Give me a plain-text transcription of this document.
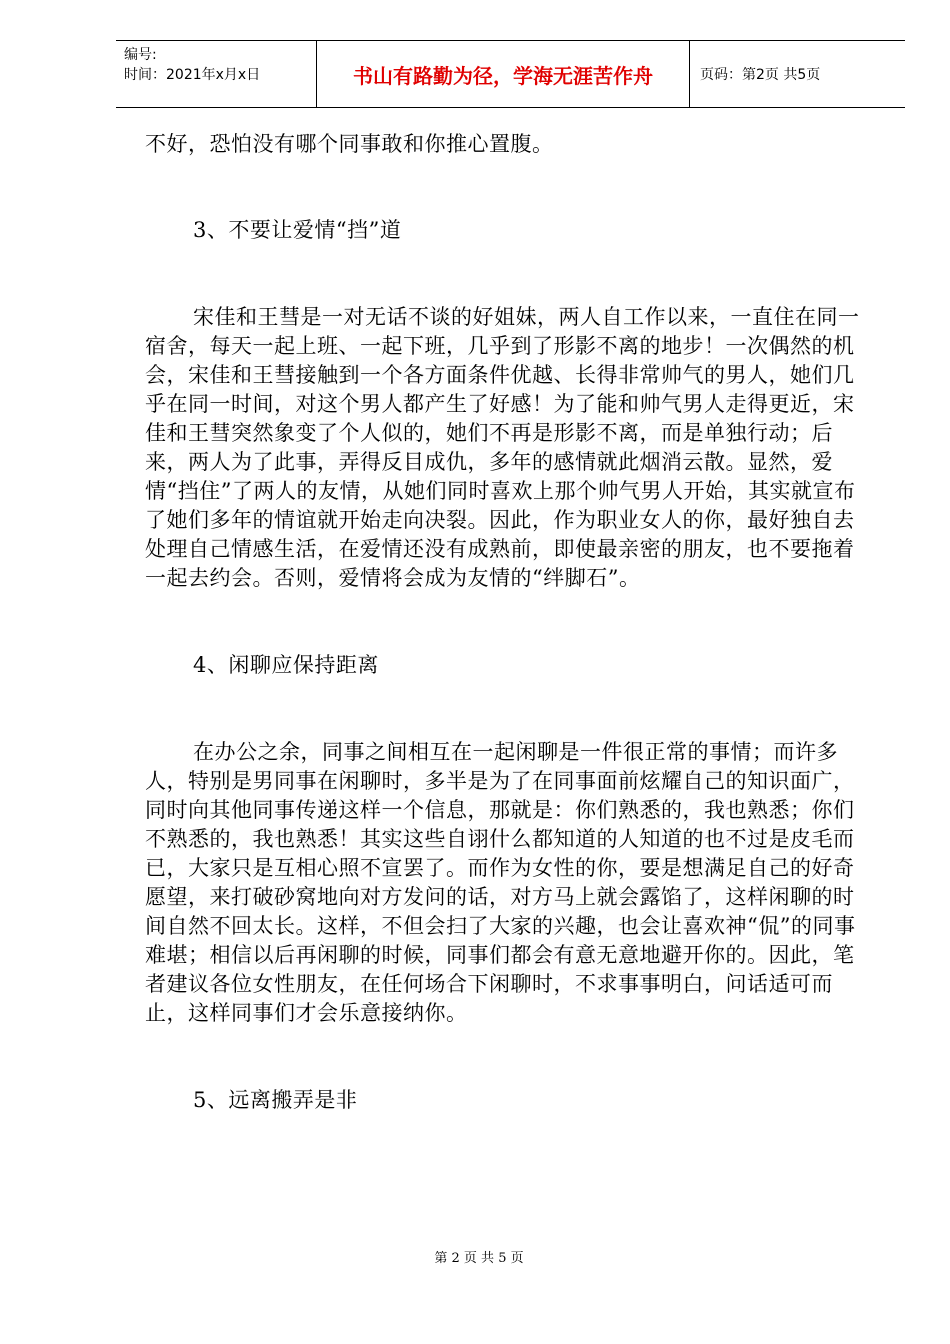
编号:
时间：2021年x月x日	书山有路勤为径，学海无涯苦作舟	页码：第2页 共5页

不好，恐怕没有哪个同事敢和你推心置腹。

3、不要让爱情“挡”道

宋佳和王彗是一对无话不谈的好姐妹，两人自工作以来，一直住在同一宿舍，每天一起上班、一起下班，几乎到了形影不离的地步！一次偶然的机会，宋佳和王彗接触到一个各方面条件优越、长得非常帅气的男人，她们几乎在同一时间，对这个男人都产生了好感！为了能和帅气男人走得更近，宋佳和王彗突然象变了个人似的，她们不再是形影不离，而是单独行动；后来，两人为了此事，弄得反目成仇，多年的感情就此烟消云散。显然，爱情“挡住”了两人的友情，从她们同时喜欢上那个帅气男人开始，其实就宣布了她们多年的情谊就开始走向决裂。因此，作为职业女人的你，最好独自去处理自己情感生活，在爱情还没有成熟前，即使最亲密的朋友，也不要拖着一起去约会。否则，爱情将会成为友情的“绊脚石”。

4、闲聊应保持距离

在办公之余，同事之间相互在一起闲聊是一件很正常的事情；而许多人，特别是男同事在闲聊时，多半是为了在同事面前炫耀自己的知识面广，同时向其他同事传递这样一个信息，那就是：你们熟悉的，我也熟悉；你们不熟悉的，我也熟悉！其实这些自诩什么都知道的人知道的也不过是皮毛而已，大家只是互相心照不宣罢了。而作为女性的你，要是想满足自己的好奇愿望，来打破砂窝地向对方发问的话，对方马上就会露馅了，这样闲聊的时间自然不回太长。这样，不但会扫了大家的兴趣，也会让喜欢神“侃”的同事难堪；相信以后再闲聊的时候，同事们都会有意无意地避开你的。因此，笔者建议各位女性朋友，在任何场合下闲聊时，不求事事明白，问话适可而止，这样同事们才会乐意接纳你。

5、远离搬弄是非

第 2 页 共 5 页
